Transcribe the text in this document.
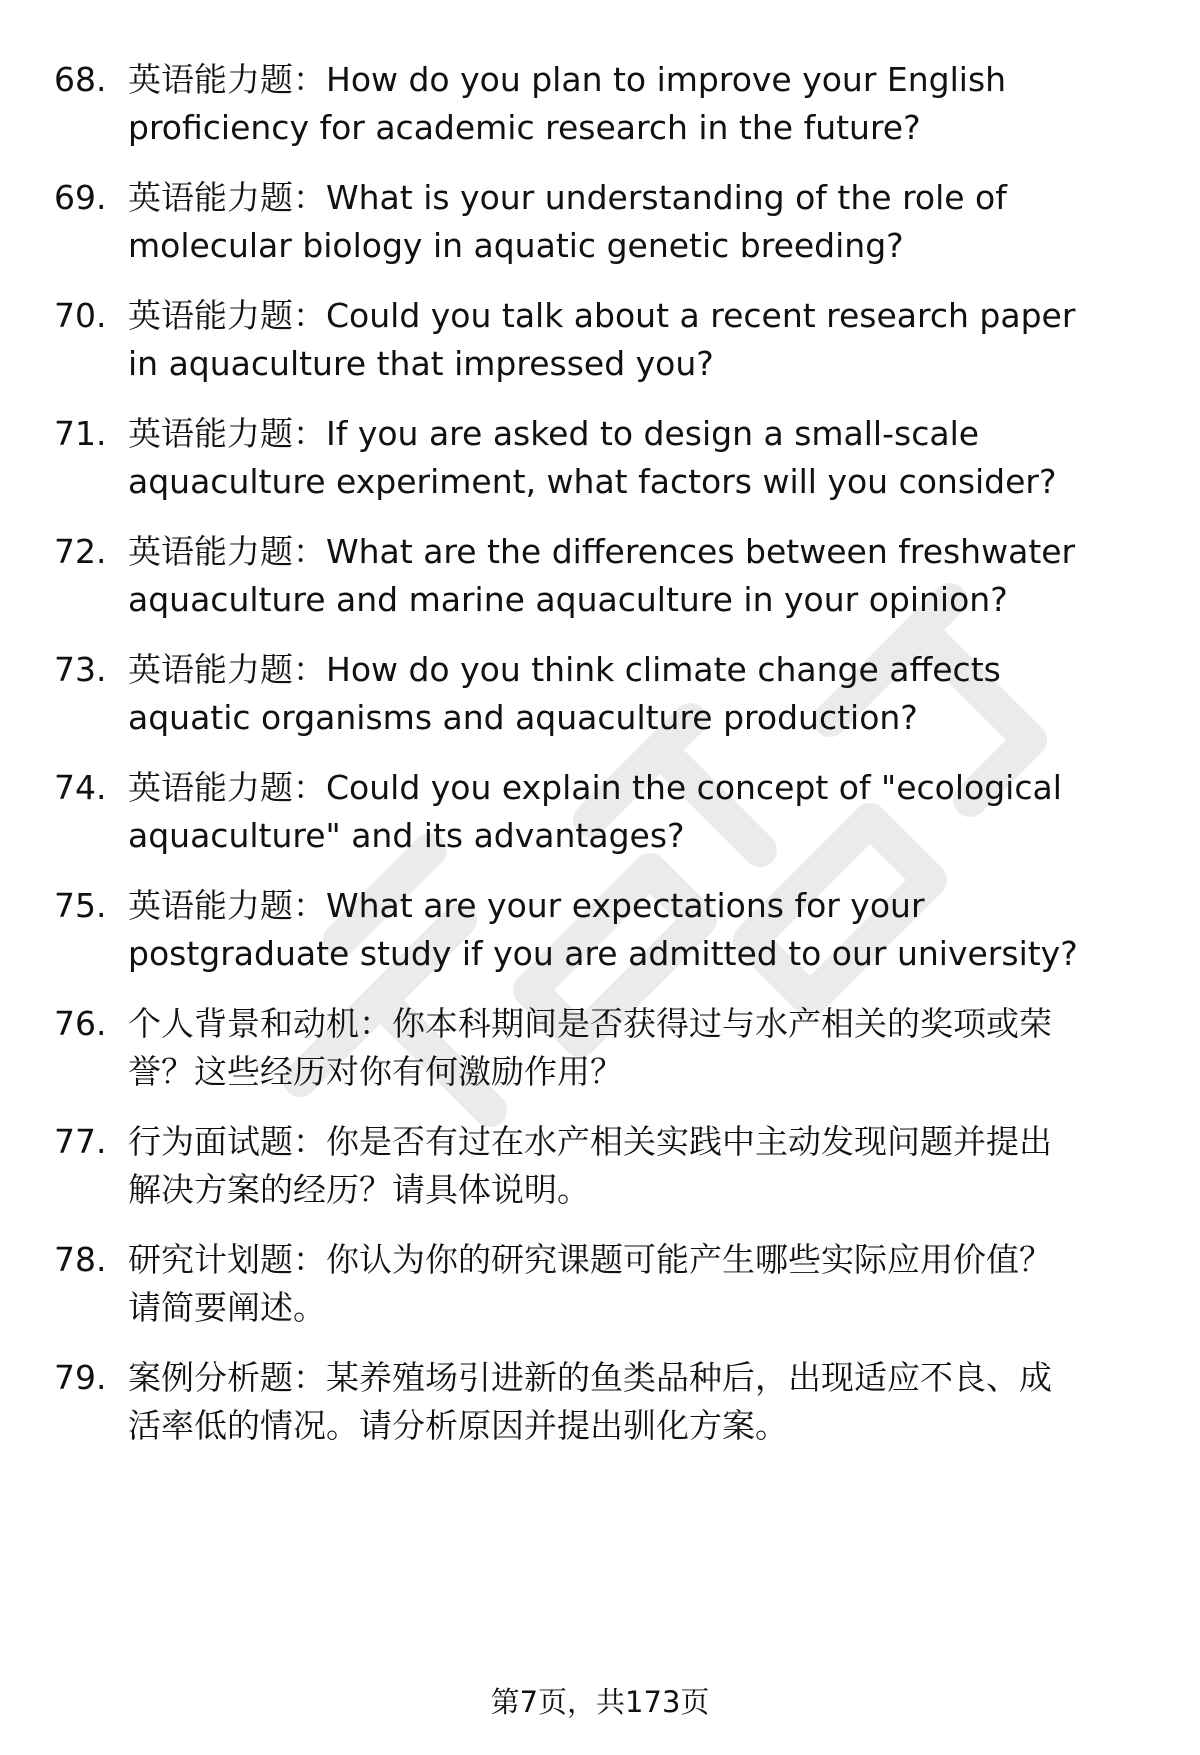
68. 英语能力题：How do you plan to improve your English
proficiency for academic research in the future?
69. 英语能力题：What is your understanding of the role of
molecular biology in aquatic genetic breeding?
70. 英语能力题：Could you talk about a recent research paper
in aquaculture that impressed you?
71. 英语能力题：If you are asked to design a small-scale
aquaculture experiment, what factors will you consider?
72. 英语能力题：What are the differences between freshwater
aquaculture and marine aquaculture in your opinion?
73. 英语能力题：How do you think climate change affects
aquatic organisms and aquaculture production?
74. 英语能力题：Could you explain the concept of "ecological
aquaculture" and its advantages?
75. 英语能力题：What are your expectations for your
postgraduate study if you are admitted to our university?
76. 个人背景和动机：你本科期间是否获得过与水产相关的奖项或荣
誉？这些经历对你有何激励作用？
77. 行为面试题：你是否有过在水产相关实践中主动发现问题并提出
解决方案的经历？请具体说明。
78. 研究计划题：你认为你的研究课题可能产生哪些实际应用价值？
请简要阐述。
79. 案例分析题：某养殖场引进新的鱼类品种后，出现适应不良、成
活率低的情况。请分析原因并提出驯化方案。
第7页，共173页
